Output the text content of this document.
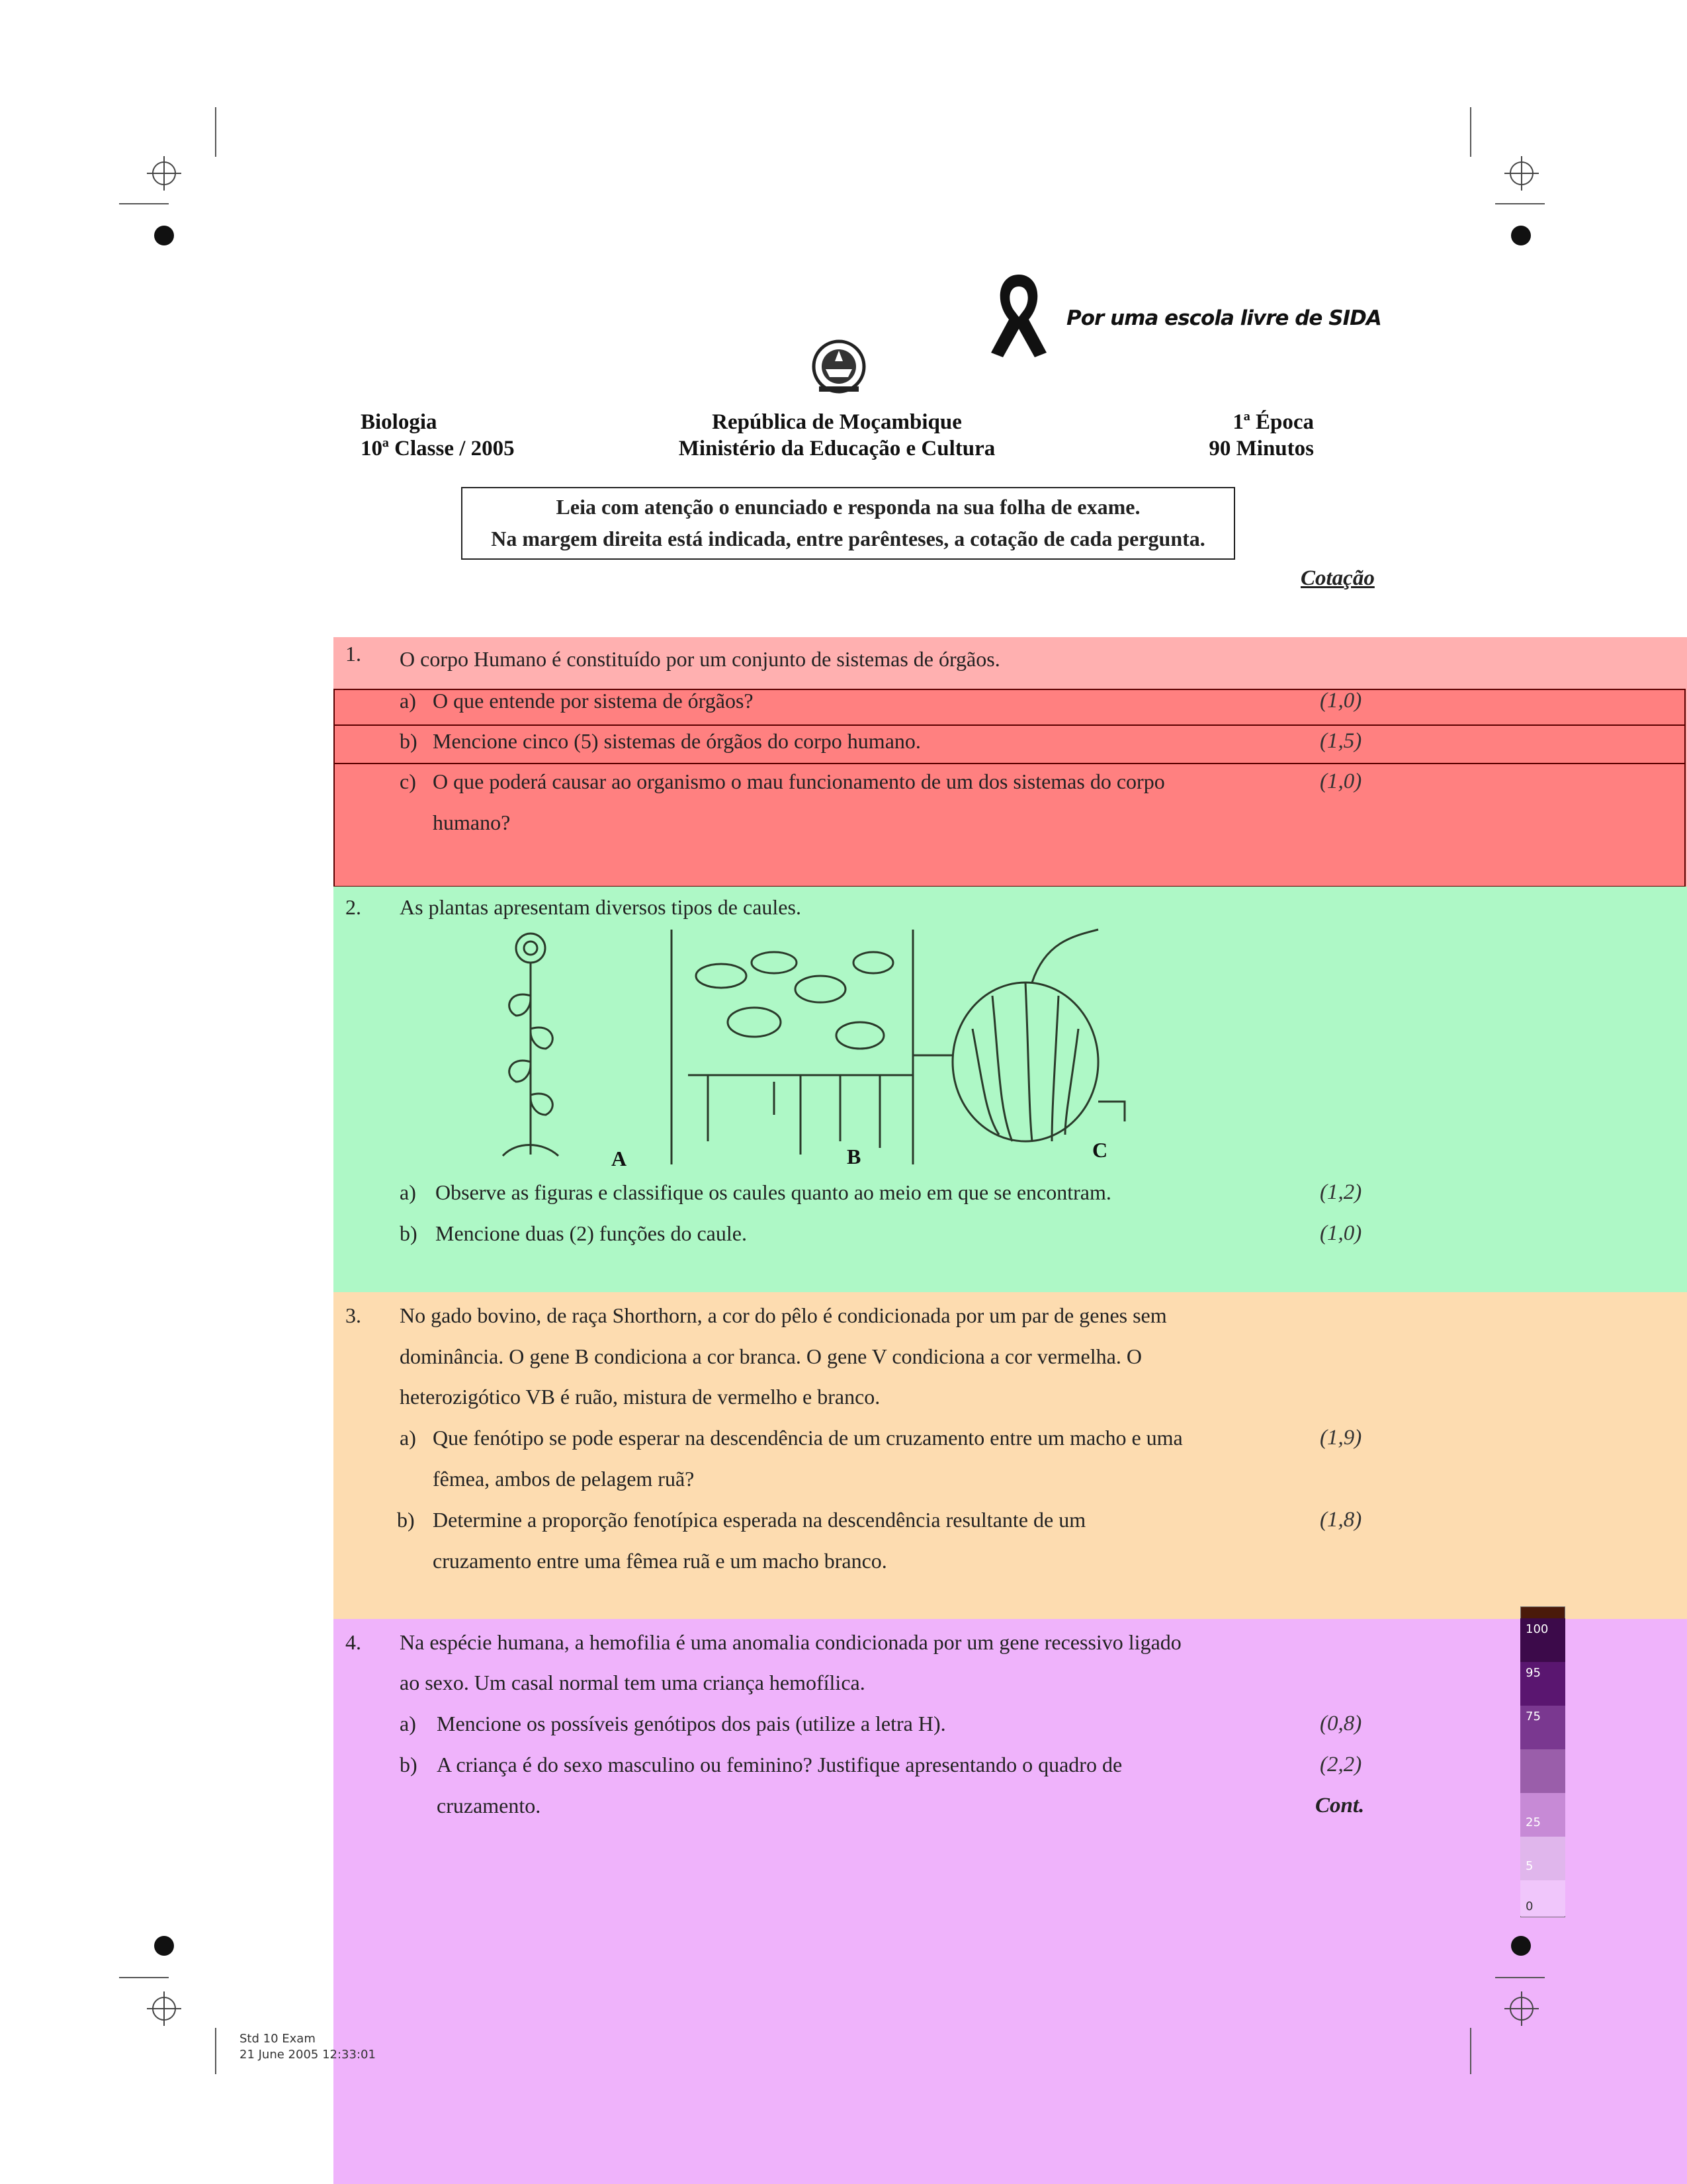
Por uma escola livre de SIDA
Biologia
10ª Classe / 2005
República de Moçambique
Ministério da Educação e Cultura
1ª Época
90 Minutos
Leia com atenção o enunciado e responda na sua folha de exame.
Na margem direita está indicada, entre parênteses, a cotação de cada pergunta.
Cotação
1. O corpo Humano é constituído por um conjunto de sistemas de órgãos.
a) O que entende por sistema de órgãos?	(1,0)
b) Mencione cinco (5) sistemas de órgãos do corpo humano.	(1,5)
c) O que poderá causar ao organismo o mau funcionamento de um dos sistemas do corpo
humano?
(1,0)
2. As plantas apresentam diversos tipos de caules.
A	B	C
a) Observe as figuras e classifique os caules quanto ao meio em que se encontram.	(1,2)
b) Mencione duas (2) funções do caule.	(1,0)
3. No gado bovino, de raça Shorthorn, a cor do pêlo é condicionada por um par de genes sem
dominância. O gene B condiciona a cor branca. O gene V condiciona a cor vermelha. O
heterozigótico VB é ruão, mistura de vermelho e branco.
a) Que fenótipo se pode esperar na descendência de um cruzamento entre um macho e uma
fêmea, ambos de pelagem ruã?
(1,9)
b) Determine a proporção fenotípica esperada na descendência resultante de um
cruzamento entre uma fêmea ruã e um macho branco.
(1,8)
4. Na espécie humana, a hemofilia é uma anomalia condicionada por um gene recessivo ligado
ao sexo. Um casal normal tem uma criança hemofílica.
a) Mencione os possíveis genótipos dos pais (utilize a letra H).	(0,8)
b) A criança é do sexo masculino ou feminino? Justifique apresentando o quadro de
cruzamento.
(2,2)
Cont.
100
95
75
25
5
0
Std 10 Exam
21 June 2005 12:33:01
